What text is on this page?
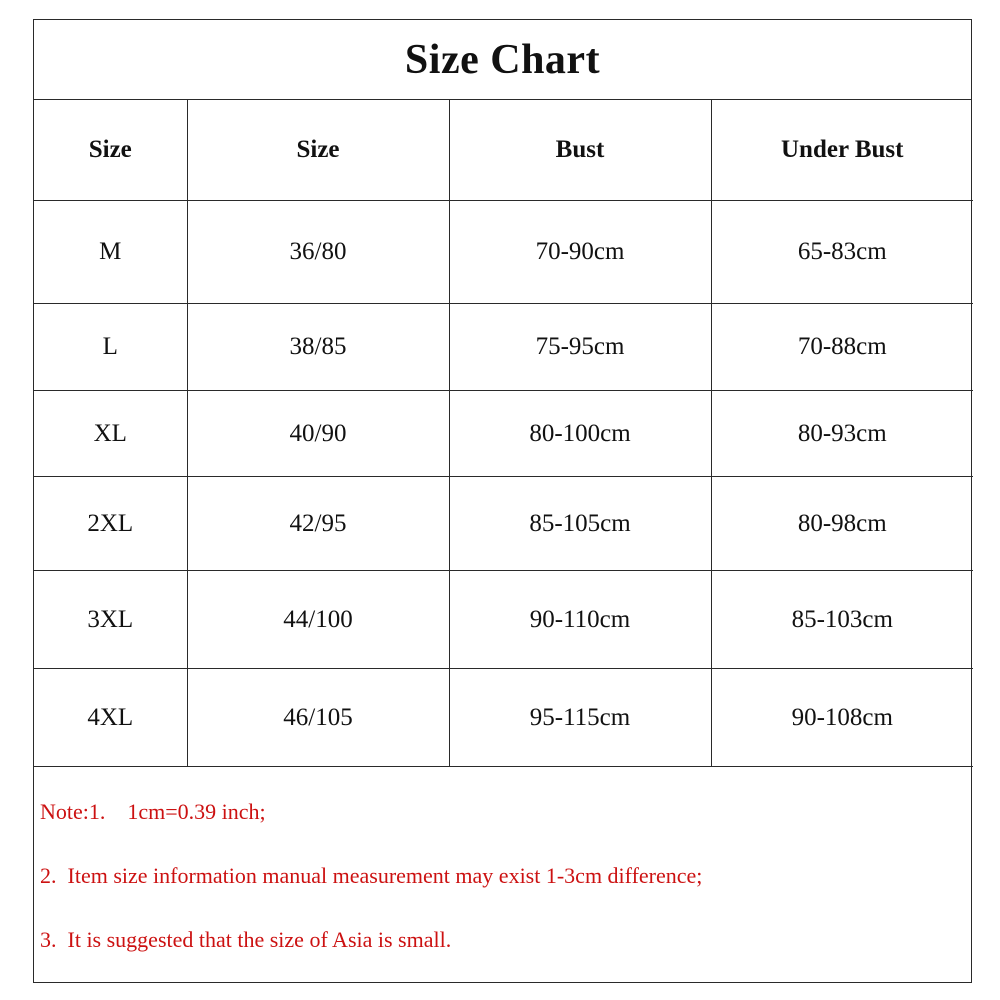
Size Chart
Size	Size	Bust	Under Bust
M	36/80	70-90cm	65-83cm
L	38/85	75-95cm	70-88cm
XL	40/90	80-100cm	80-93cm
2XL	42/95	85-105cm	80-98cm
3XL	44/100	90-110cm	85-103cm
4XL	46/105	95-115cm	90-108cm
Note:1.    1cm=0.39 inch;
2.  Item size information manual measurement may exist 1-3cm difference;
3.  It is suggested that the size of Asia is small.
